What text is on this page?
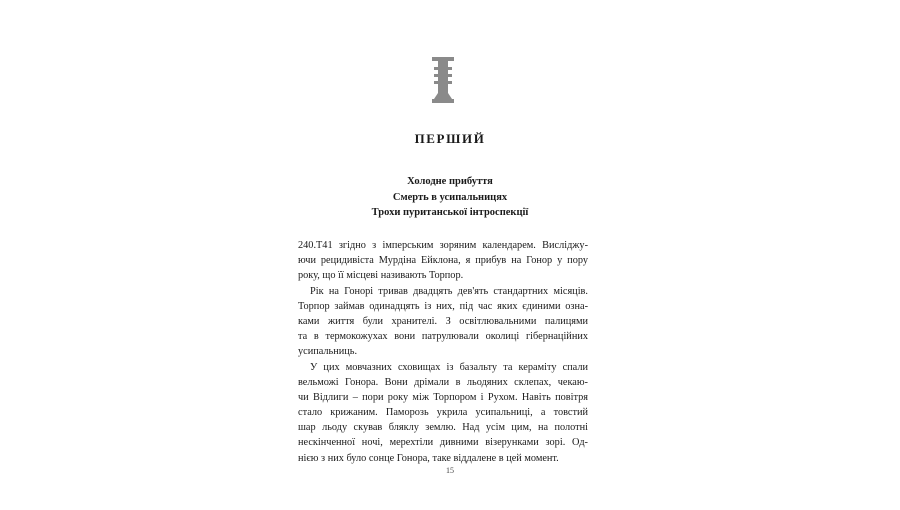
ПЕРШИЙ
Холодне прибуття
Смерть в усипальницях
Трохи пуританської інтроспекції
240.Т41 згідно з імперським зоряним календарем. Висліджу-
ючи рецидивіста Мурдіна Ейклона, я прибув на Гонор у пору
року, що її місцеві називають Торпор.
Рік на Гонорі тривав двадцять дев'ять стандартних місяців.
Торпор займав одинадцять із них, під час яких єдиними озна-
ками життя були хранителі. З освітлювальними палицями
та в термокожухах вони патрулювали околиці гібернаційних
усипальниць.
У цих мовчазних сховищах із базальту та кераміту спали
вельможі Гонора. Вони дрімали в льодяних склепах, чекаю-
чи Відлиги – пори року між Торпором і Рухом. Навіть повітря
стало крижаним. Паморозь укрила усипальниці, а товстий
шар льоду скував бляклу землю. Над усім цим, на полотні
нескінченної ночі, мерехтіли дивними візерунками зорі. Од-
нією з них було сонце Гонора, таке віддалене в цей момент.
15
